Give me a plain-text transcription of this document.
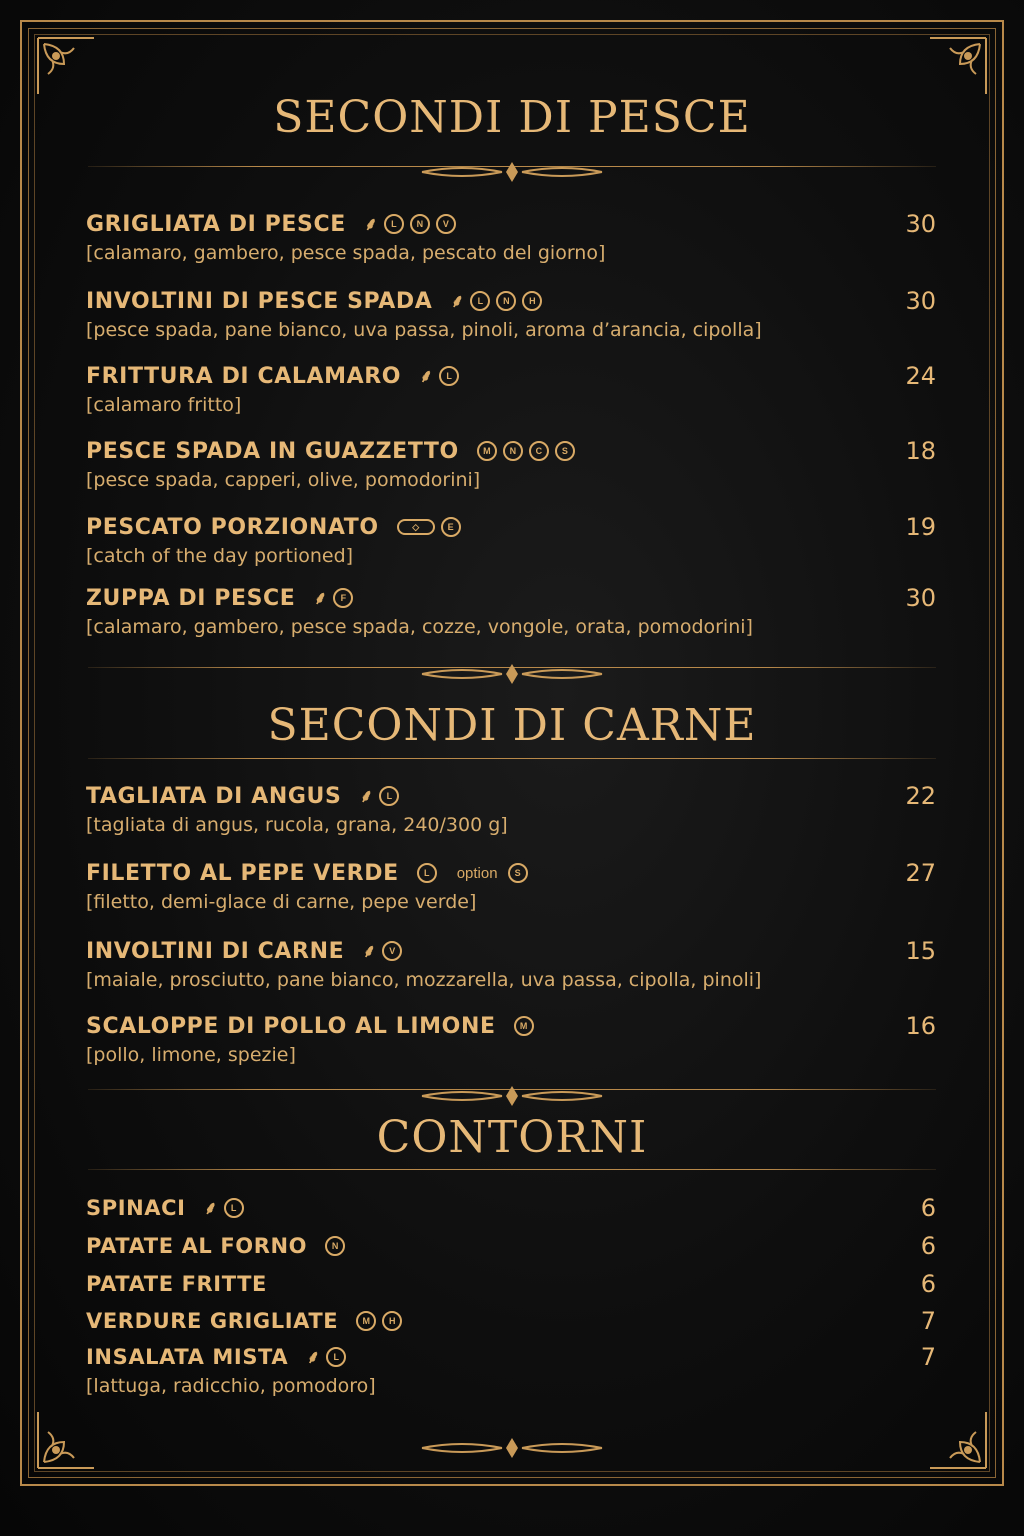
SECONDI DI PESCE
GRIGLIATA DI PESCE ⸙	L	N	V	30
[calamaro, gambero, pesce spada, pescato del giorno]
INVOLTINI DI PESCE SPADA ⸙	L	N	H	30
[pesce spada, pane bianco, uva passa, pinoli, aroma d’arancia, cipolla]
FRITTURA DI CALAMARO ⸙	L	24
[calamaro fritto]
PESCE SPADA IN GUAZZETTO	M	N	C	S	18
[pesce spada, capperi, olive, pomodorini]
PESCATO PORZIONATO	◇	E	19
[catch of the day portioned]
ZUPPA DI PESCE ⸙	F	30
[calamaro, gambero, pesce spada, cozze, vongole, orata, pomodorini]
SECONDI DI CARNE
TAGLIATA DI ANGUS ⸙	L	22
[tagliata di angus, rucola, grana, 240/300 g]
FILETTO AL PEPE VERDE	L	option	S	27
[filetto, demi-glace di carne, pepe verde]
INVOLTINI DI CARNE ⸙	V	15
[maiale, prosciutto, pane bianco, mozzarella, uva passa, cipolla, pinoli]
SCALOPPE DI POLLO AL LIMONE	M	16
[pollo, limone, spezie]
CONTORNI
SPINACI ⸙	L	6
PATATE AL FORNO	N	6
PATATE FRITTE	6
VERDURE GRIGLIATE	M	H	7
INSALATA MISTA ⸙	L	7
[lattuga, radicchio, pomodoro]
